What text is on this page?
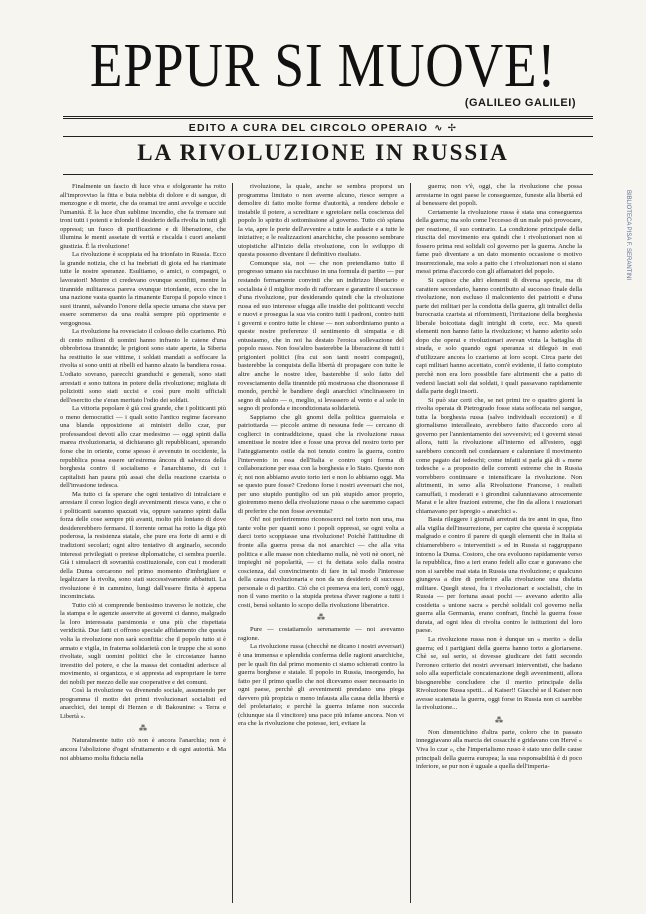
EPPUR SI MUOVE!
(GALILEO GALILEI)
EDITO A CURA DEL CIRCOLO OPERAIO ∿ ✢
LA RIVOLUZIONE IN RUSSIA
BIBLIOTECA PISA F. SERANTINI

Finalmente un fascio di luce viva e sfolgorante ha rotto all'improvviso la fitta e buia nebbia di dolore e di sangue, di menzogne e di morte, che da oramai tre anni avvolge e uccide l'umanità. È la luce d'un sublime incendio, che fa tremare sui troni tutti i potenti e infonde il desiderio della rivolta in tutti gli oppressi; un fuoco di purificazione e di liberazione, che illumina le menti assetate di verità e riscalda i cuori anelanti giustizia. È la rivoluzione!

La rivoluzione è scoppiata ed ha trionfato in Russia. Ecco la grande notizia, che ci ha inebriati di gioia ed ha rianimate tutte le nostre speranze. Esultiamo, o amici, o compagni, o lavoratori! Mentre ci credevano ovunque sconfitti, mentre la tirannide militaresca pareva ovunque trionfante, ecco che in una nazione vasta quanto la rimanente Europa il popolo vince i suoi tiranni, salvando l'onore della specie umana che stava per essere sommerso da una realtà sempre più opprimente e vergognosa.

La rivoluzione ha rovesciato il colosso dello czarismo. Più di cento milioni di uomini hanno infranto le catene d'una obbrobriosa tirannide; le prigioni sono state aperte, la Siberia ha restituito le sue vittime, i soldati mandati a soffocare la rivolta si sono uniti ai ribelli ed hanno alzato la bandiera rossa. L'odiato sovrano, parecchi granduchi e generali, sono stati arrestati e sono tuttora in potere della rivoluzione; migliaia di poliziotti sono stati uccisi e così pure molti ufficiali dell'esercito che s'eran meritato l'odio dei soldati.

La vittoria popolare è già così grande, che i politicanti più o meno democratici — i quali sotto l'antico regime facevano una blanda opposizione ai ministri dello czar, pur professandosi devoti allo czar medesimo — oggi spinti dalla marea rivoluzionaria, si dichiarano gli repubblicani, sperando forse che in oriente, come spesso è avvenuto in occidente, la repubblica possa essere un'estrema âncora di salvezza della borghesia contro il socialismo e l'anarchismo, di cui i capitalisti han paura più assai che della reazione czarista o dell'invasione tedesca.

Ma tutto ci fa sperare che ogni tentativo di intralciare e arrestare il corso logico degli avvenimenti riesca vano, e che o i politicanti saranno spazzati via, oppure saranno spinti dalla forza delle cose sempre più avanti, molto più lontano di dove desidererebbero fermarsi. Il torrente ormai ha rotto la diga più poderosa, la resistenza statale, che pure era forte di armi e di tradizioni secolari; ogni altro tentativo di arginarlo, secondo interessi privilegiati o pretese diplomatiche, ci sembra puerile. Già i simulacri di sovranità costituzionale, con cui i moderati della Duma cercarono nel primo momento d'imbrigliare e legalizzare la rivolta, sono stati successivamente abbattuti. La rivoluzione è in cammino, lungi dall'essere finita è appena incominciata.

Tutto ciò si comprende benissimo traverso le notizie, che la stampa e le agenzie asservite ai governi ci danno, malgrado la loro interessata parsimonia e una più che rispettata veridicità. Due fatti ci offrono speciale affidamento che questa volta la rivoluzione non sarà sconfitta: che il popolo tutto si è armato e vigila, in fraterna solidarietà con le truppe che si sono rivoltate, sugli uomini politici che le circostanze hanno investito del potere, e che la massa dei contadini aderisce al movimento, si organizza, e si appresta ad espropriare le terre dei nobili per mezzo delle sue cooperative e dei comuni.

Così la rivoluzione va divenendo sociale, assumendo per programma il motto dei primi rivoluzionari socialisti ed anarchici, dei tempi di Herzen e di Bakounine: « Terra e Libertà ».

⁂

Naturalmente tutto ciò non è ancora l'anarchia; non è ancora l'abolizione d'ogni sfruttamento e di ogni autorità. Ma noi abbiamo molta fiducia nella

rivoluzione, la quale, anche se sembra proporsi un programma limitato o non averne alcuno, riesce sempre a demolire di fatto molte forme d'autorità, a rendere debole e instabile il potere, a screditare e sgretolare nella coscienza del popolo lo spirito di sottomissione al governo. Tutto ciò spiana la via, apre le porte dell'avvenire a tutte le audacie e a tutte le iniziative; e le realizzazioni anarchiche, che possono sembrare utopistiche all'inizio della rivoluzione, con lo sviluppo di questa possono diventare il definitivo risultato.

Comunque sia, noi — che non pretendiamo tutto il progresso umano sia racchiuso in una formula di partito — pur restando fermamente convinti che un indirizzo libertario e socialista è il miglior modo di rafforzare e garantire il successo d'una rivoluzione, pur desiderando quindi che la rivoluzione russa ed suo interesse sfugga alle insidie dei politicanti vecchi e nuovi e prosegua la sua via contro tutti i padroni, contro tutti i governi e contro tutte le chiese — non subordiniamo punto a queste nostre preferenze il sentimento di simpatia e di entusiasmo, che in noi ha destato l'eroica sollevazione del popolo russo. Non foss'altro basterebbe la liberazione di tutti i prigionieri politici (fra cui son tanti nostri compagni), basterebbe la conquista della libertà di propagare con tutte le altre anche le nostre idee, basterebbe il solo fatto del rovesciamento della tirannide più mostruosa che disonorasse il mondo, perchè le bandiere degli anarchici s'inclinassero in segno di saluto — o, meglio, si levassero al vento e al sole in segno di profonda e incondizionata solidarietà.

Sappiamo che gli gnomi della politica guerraiola e patriottarda — piccole anime di nessuna fede — cercano di coglierci in contraddizione, quasi che la rivoluzione russa smentisse le nostre idee e fosse una prova del nostro torto per l'atteggiamento ostile da noi tenuto contro la guerra, contro l'intervento in essa dell'Italia e contro ogni forma di collaborazione per essa con la borghesia e lo Stato. Questo non è; noi non abbiamo avuto torto ieri e non lo abbiamo oggi. Ma se questo pure fosse? Credono forse i nostri avversari che noi, per uno stupido puntiglio od un più stupido amor proprio, gioiremmo meno della rivoluzione russa o che saremmo capaci di preferire che non fosse avvenuta?

Oh! noi preferiremmo riconoscerci nel torto non una, ma tante volte per quanti sono i popoli oppressi, se ogni volta a darci torto scoppiasse una rivoluzione! Poichè l'attitudine di fronte alla guerra presa da noi anarchici — che alla vita politica e alle masse non chiediamo nulla, nè voti nè onori, nè impieghi nè popolarità, — ci fu dettata solo dalla nostra coscienza, dal convincimento di fare in tal modo l'interesse della causa rivoluzionaria e non da un desiderio di successo personale o di partito. Ciò che ci premeva era ieri, com'è oggi, non il vano merito o la stupida pretesa d'aver ragione a tutti i costi, bensì soltanto lo scopo della rivoluzione liberatrice.

⁂

Pure — costatiamolo serenamente — noi avevamo ragione.

La rivoluzione russa (checchè ne dicano i nostri avversari) è una immensa e splendida conferma delle ragioni anarchiche, per le quali fin dal primo momento ci siamo schierati contro la guerra borghese e statale. Il popolo in Russia, insorgendo, ha fatto per il primo quello che noi dicevamo esser necessario in ogni paese, perchè gli avvenimenti prendano una piega davvero più propizia o meno infausta alla causa della libertà e del proletariato; e perchè la guerra infame non succeda (chiunque sia il vincitore) una pace più infame ancora. Non vi era che la rivoluzione che potesse, ieri, evitare la

guerra; non v'è, oggi, che la rivoluzione che possa arrestarne in ogni paese le conseguenze, funeste alla libertà ed al benessere dei popoli.

Certamente la rivoluzione russa è stata una conseguenza della guerra; ma solo come l'eccesso di un male può provocare, per reazione, il suo contrario. La condizione principale della riuscita del movimento era quindi che i rivoluzionari non si fossero prima resi solidali col governo per la guerra. Anche la fame può diventare a un dato momento occasione o motivo insurrezionale, ma solo a patto che i rivoluzionari non si siano messi prima d'accordo con gli affamatori del popolo.

Si capisce che altri elementi di diversa specie, ma di carattere secondario, hanno contribuito al successo finale della rivoluzione, non escluso il malcontento dei patriotti e d'una parte dei militari per la condotta della guerra, gli intrallci della burocrazia czarista ai rifornimenti, l'irritazione della borghesia liberale boicottata dagli intrighi di corte, ecc. Ma questi elementi non hanno fatto la rivoluzione; vi hanno aderito solo dopo che operai e rivoluzionari avevan vinta la battaglia di strada, e solo quando ogni speranza si dileguò in essi d'utilizzare ancora lo czarismo ai loro scopi. Circa parte dei capi militari hanno accettato, com'è evidente, il fatto compiuto perchè non era loro possibile fare altrimenti che a patto di vedersi lasciati soli dai soldati, i quali passavano rapidamente dalla parte degli insorti.

Si può star certi che, se nei primi tre o quattro giorni la rivolta operaia di Pietrogrado fosse stata soffocata nel sangue, tutta la borghesia russa (salvo individuali eccezioni) e il giornalismo interalleato, avrebbero fatto d'accordo coro al governo per l'annientamento dei sovversivi; ed i governi stessi allora, tutti la rivoluzione all'interno ed all'estero, oggi sarebbero concordi nel condannare e calunniare il movimento come pagato dai tedeschi; come infatti si parla già di « mene tedesche » a proposito delle correnti estreme che in Russia vorrebbero continuare e intensificare la rivoluzione. Non altrimenti, in seno alla Rivoluzione Francese, i realisti camuffati, i moderati e i girondini calunniavano atrocemente Marat e le altre frazioni estreme, che fin da allora i reazionari chiamavano per ispregio « anarchici ».

Basta rileggere i giornali arretrati da tre anni in qua, fino alla vigilia dell'insurrezione, per capire che questa è scoppiata malgrado e contro il parere di quegli elementi che in Italia si chiamerebbero « interventisti » ed in Russia si raggruppano intorno la Duma. Costoro, che ora evoluono rapidamente verso la repubblica, fino a ieri erano fedeli allo czar e guravano che non si sarebbe mai stata in Russia una rivoluzione; e qualcuno giungeva a dire di preferire alla rivoluzione una disfatta militare. Quegli stessi, fra i rivoluzionari e socialisti, che in Russia — per fortuna assai pochi — avevano aderito alla cosidetta « unione sacra » perchè solidali col governo nella guerra alla Germania, erano confrari, finchè la guerra fosse durata, ad ogni idea di rivolta contro le istituzioni del loro paese.

La rivoluzione russa non è dunque un « merito » della guerra; ed i partigiani della guerra hanno torto a gloriarsene. Chè se, sul serio, si dovesse giudicare dei fatti secondo l'erroneo criterio dei nostri avversari interventisti, che badano solo alla superficiale concatenazione degli avvenimenti, allora bisognerebbe concludere che il merito principale della Rivoluzione Russa spetti... al Kaiser!! Giacchè se il Kaiser non avesse scatenata la guerra, oggi forse in Russia non ci sarebbe la rivoluzione...

⁂

Non dimentichino d'altra parte, coloro che in passato inneggiavano alla marcia dei cosacchi e gridavano con Hervé « Viva lo czar », che l'imperialismo russo è stato uno delle cause principali della guerra europea; la sua responsabilità è di poco inferiore, se pur non è uguale a quella dell'imperia-
